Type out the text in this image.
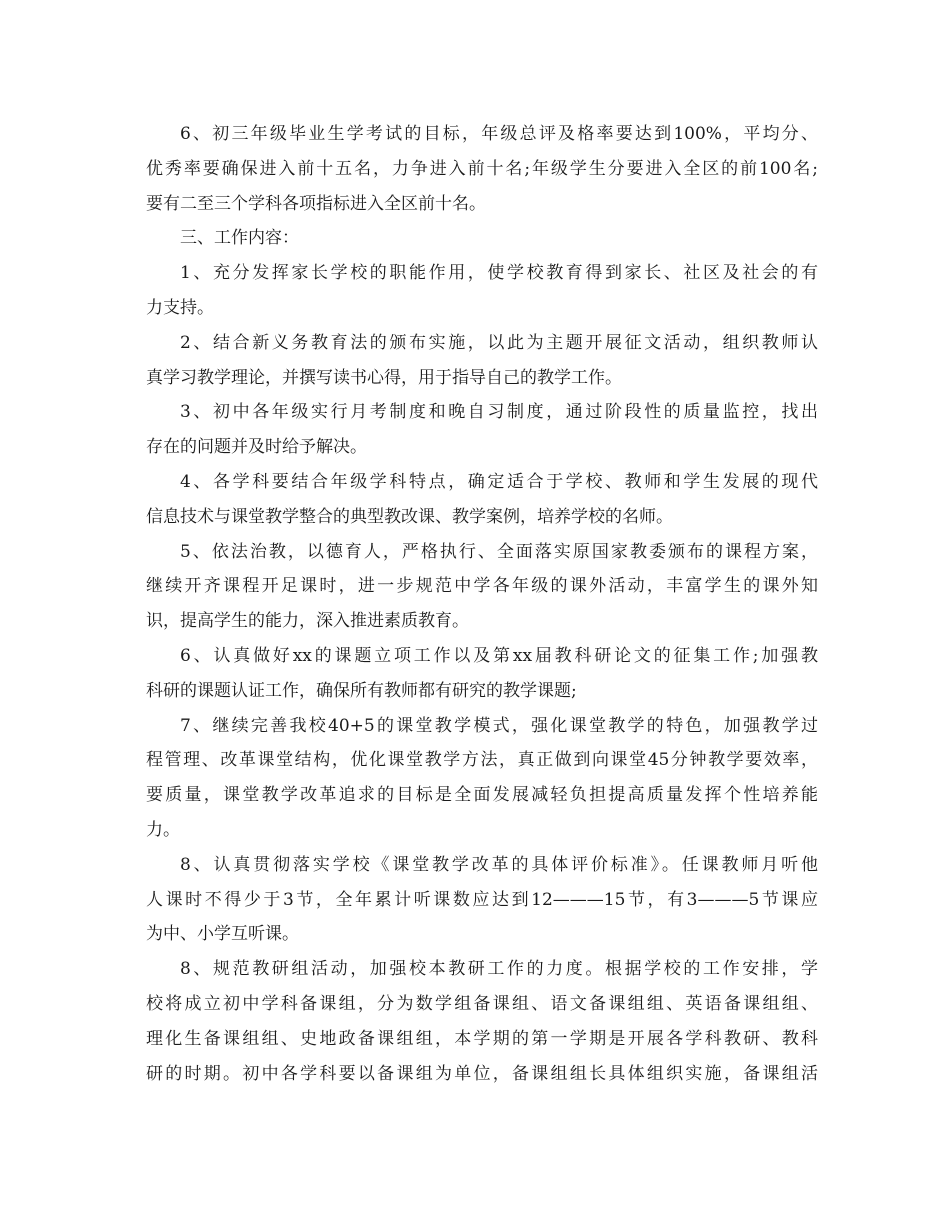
6、初三年级毕业生学考试的目标，年级总评及格率要达到100%，平均分、

优秀率要确保进入前十五名，力争进入前十名;年级学生分要进入全区的前100名;

要有二至三个学科各项指标进入全区前十名。

三、工作内容：

1、充分发挥家长学校的职能作用，使学校教育得到家长、社区及社会的有

力支持。

2、结合新义务教育法的颁布实施，以此为主题开展征文活动，组织教师认

真学习教学理论，并撰写读书心得，用于指导自己的教学工作。

3、初中各年级实行月考制度和晚自习制度，通过阶段性的质量监控，找出

存在的问题并及时给予解决。

4、各学科要结合年级学科特点，确定适合于学校、教师和学生发展的现代

信息技术与课堂教学整合的典型教改课、教学案例，培养学校的名师。

5、依法治教，以德育人，严格执行、全面落实原国家教委颁布的课程方案，

继续开齐课程开足课时，进一步规范中学各年级的课外活动，丰富学生的课外知

识，提高学生的能力，深入推进素质教育。

6、认真做好xx的课题立项工作以及第xx届教科研论文的征集工作;加强教

科研的课题认证工作，确保所有教师都有研究的教学课题;

7、继续完善我校40+5的课堂教学模式，强化课堂教学的特色，加强教学过

程管理、改革课堂结构，优化课堂教学方法，真正做到向课堂45分钟教学要效率，

要质量，课堂教学改革追求的目标是全面发展减轻负担提高质量发挥个性培养能

力。

8、认真贯彻落实学校《课堂教学改革的具体评价标准》。任课教师月听他

人课时不得少于3节，全年累计听课数应达到12———15节，有3———5节课应

为中、小学互听课。

8、规范教研组活动，加强校本教研工作的力度。根据学校的工作安排，学

校将成立初中学科备课组，分为数学组备课组、语文备课组组、英语备课组组、

理化生备课组组、史地政备课组组，本学期的第一学期是开展各学科教研、教科

研的时期。初中各学科要以备课组为单位，备课组组长具体组织实施，备课组活
